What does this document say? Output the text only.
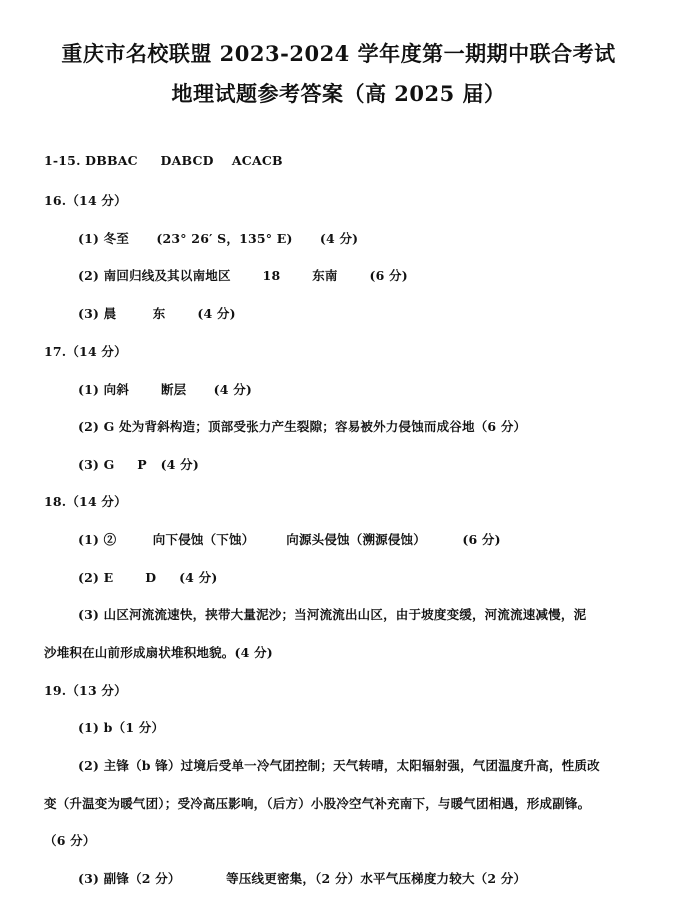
重庆市名校联盟 2023-2024 学年度第一期期中联合考试
地理试题参考答案（高 2025 届）
1-15. DBBAC     DABCD    ACACB
16.（14 分）
(1) 冬至      (23° 26′ S，135° E)      (4 分)
(2) 南回归线及其以南地区       18       东南       (6 分)
(3) 晨        东       (4 分)
17.（14 分）
(1) 向斜       断层      (4 分)
(2) G 处为背斜构造；顶部受张力产生裂隙；容易被外力侵蚀而成谷地（6 分）
(3) G     P   (4 分)
18.（14 分）
(1) ②        向下侵蚀（下蚀）       向源头侵蚀（溯源侵蚀）        (6 分)
(2) E       D     (4 分)
(3) 山区河流流速快，挟带大量泥沙；当河流流出山区，由于坡度变缓，河流流速减慢，泥
沙堆积在山前形成扇状堆积地貌。(4 分)
19.（13 分）
(1) b（1 分）
(2) 主锋（b 锋）过境后受单一冷气团控制；天气转晴，太阳辐射强，气团温度升高，性质改
变（升温变为暖气团）；受冷高压影响，（后方）小股冷空气补充南下，与暖气团相遇，形成副锋。
（6 分）
(3) 副锋（2 分）          等压线更密集，（2 分）水平气压梯度力较大（2 分）
